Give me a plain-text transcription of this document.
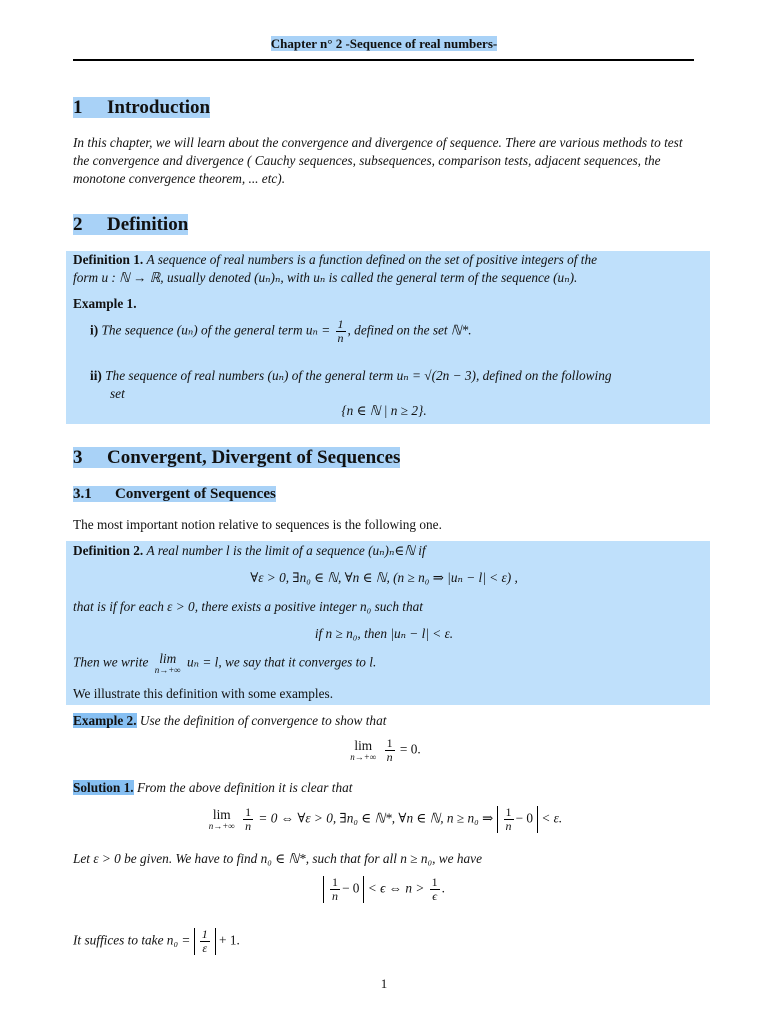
Chapter n° 2 -Sequence of real numbers-
1 Introduction
In this chapter, we will learn about the convergence and divergence of sequence. There are various methods to test the convergence and divergence ( Cauchy sequences, subsequences, comparison tests, adjacent sequences, the monotone convergence theorem, ... etc).
2 Definition
Definition 1. A sequence of real numbers is a function defined on the set of positive integers of the
form u : ℕ → ℝ, usually denoted (uₙ)ₙ, with uₙ is called the general term of the sequence (uₙ).
Example 1.
i) The sequence (uₙ) of the general term $u_n = \frac{1}{n}$ , defined on the set ℕ*.
ii) The sequence of real numbers (uₙ) of the general term uₙ = √(2n − 3), defined on the following
set
{n ∈ ℕ | n ≥ 2}.
3 Convergent, Divergent of Sequences
3.1 Convergent of Sequences
The most important notion relative to sequences is the following one.
Definition 2. A real number l is the limit of a sequence (uₙ)ₙ∈ℕ if
∀ε > 0, ∃n₀ ∈ ℕ, ∀n ∈ ℕ, (n ≥ n₀ ⇒ |uₙ − l| < ε) ,
that is if for each ε > 0, there exists a positive integer n₀ such that
if n ≥ n₀, then |uₙ − l| < ε.
Then we write lim
n→+∞
uₙ = l, we say that it converges to l.
We illustrate this definition with some examples.
Example 2. Use the definition of convergence to show that
lim
n→+∞
$\frac{1}{n} = 0$.
Solution 1. From the above definition it is clear that
lim
n→+∞
$\frac{1}{n} = 0$ ⇔ ∀ε > 0, ∃n₀ ∈ ℕ*, ∀n ∈ ℕ, n ≥ n₀ ⇒ $\frac{1}{n} - 0 < \varepsilon$.
Let ε > 0 be given. We have to find n₀ ∈ ℕ*, such that for all n ≥ n₀, we have
$\frac{1}{n} - 0 < \epsilon$ ⇔ $n > \frac{1}{\epsilon}$ .
It suffices to take $n_0 = \frac{1}{\varepsilon} + 1$.
1
